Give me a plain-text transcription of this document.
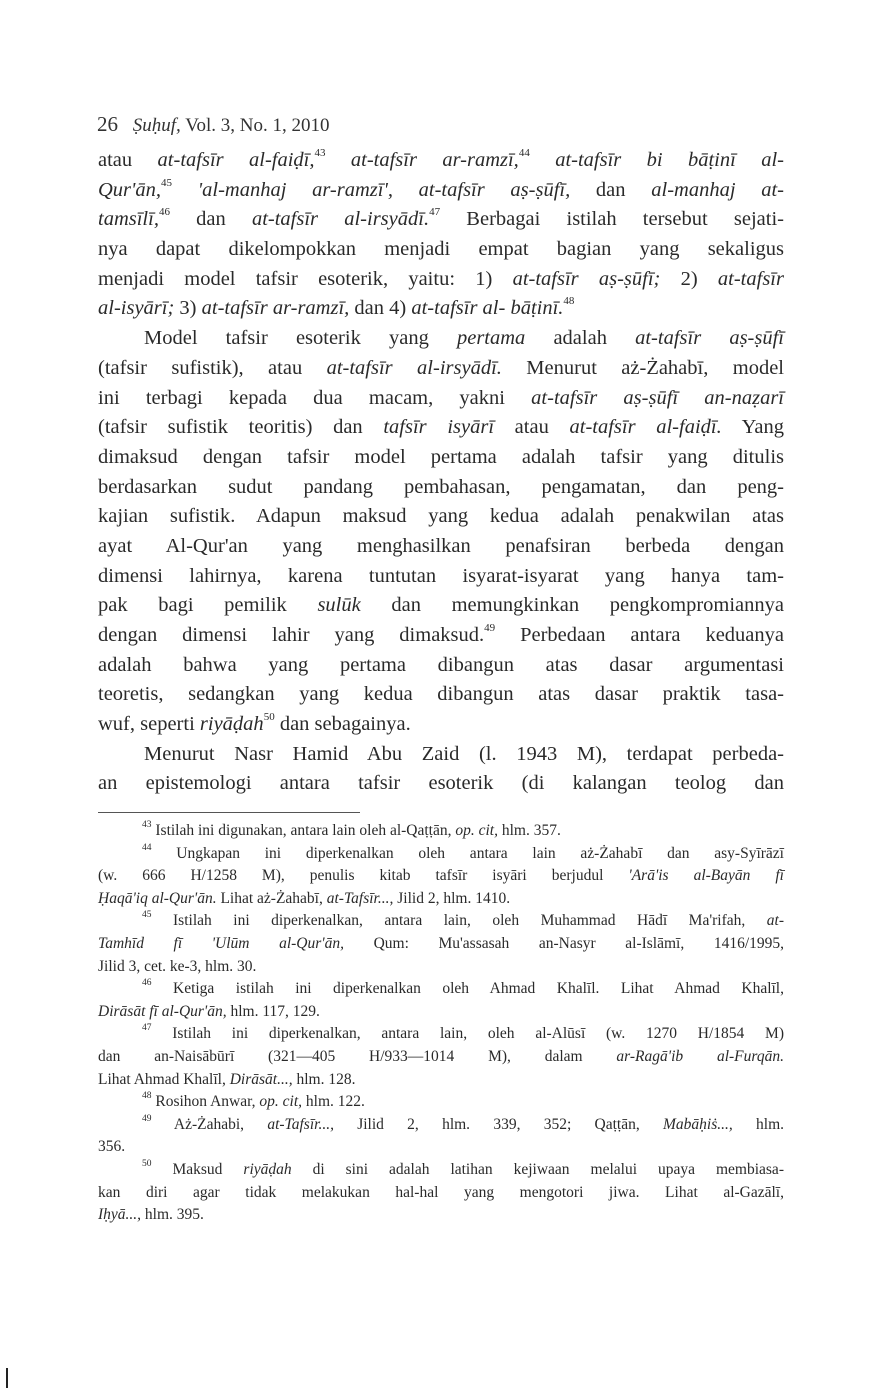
26 Ṣuḥuf, Vol. 3, No. 1, 2010
atau at-tafsīr al-faiḍī,$^{43}$ at-tafsīr ar-ramzī,$^{44}$ at-tafsīr bi bāṭinī al-
Qur'ān,$^{45}$ 'al-manhaj ar-ramzī', at-tafsīr aṣ-ṣūfī, dan al-manhaj at-
tamsīlī,$^{46}$ dan at-tafsīr al-irsyādī.$^{47}$ Berbagai istilah tersebut sejati-
nya dapat dikelompokkan menjadi empat bagian yang sekaligus
menjadi model tafsir esoterik, yaitu: 1) at-tafsīr aṣ-ṣūfī; 2) at-tafsīr
al-isyārī; 3) at-tafsīr ar-ramzī, dan 4) at-tafsīr al- bāṭinī.$^{48}$
Model tafsir esoterik yang pertama adalah at-tafsīr aṣ-ṣūfī
(tafsir sufistik), atau at-tafsīr al-irsyādī. Menurut aż-Żahabī, model
ini terbagi kepada dua macam, yakni at-tafsīr aṣ-ṣūfī an-naẓarī
(tafsir sufistik teoritis) dan tafsīr isyārī atau at-tafsīr al-faiḍī. Yang
dimaksud dengan tafsir model pertama adalah tafsir yang ditulis
berdasarkan sudut pandang pembahasan, pengamatan, dan peng-
kajian sufistik. Adapun maksud yang kedua adalah penakwilan atas
ayat Al-Qur'an yang menghasilkan penafsiran berbeda dengan
dimensi lahirnya, karena tuntutan isyarat-isyarat yang hanya tam-
pak bagi pemilik sulūk dan memungkinkan pengkompromiannya
dengan dimensi lahir yang dimaksud.$^{49}$ Perbedaan antara keduanya
adalah bahwa yang pertama dibangun atas dasar argumentasi
teoretis, sedangkan yang kedua dibangun atas dasar praktik tasa-
wuf, seperti riyāḍah$^{50}$ dan sebagainya.
Menurut Nasr Hamid Abu Zaid (l. 1943 M), terdapat perbeda-
an epistemologi antara tafsir esoterik (di kalangan teolog dan
$^{43}$ Istilah ini digunakan, antara lain oleh al-Qaṭṭān, op. cit, hlm. 357.
$^{44}$ Ungkapan ini diperkenalkan oleh antara lain aż-Żahabī dan asy-Syīrāzī
(w. 666 H/1258 M), penulis kitab tafsīr isyāri berjudul 'Arā'is al-Bayān fī
Ḥaqā'iq al-Qur'ān. Lihat aż-Żahabī, at-Tafsīr..., Jilid 2, hlm. 1410.
$^{45}$ Istilah ini diperkenalkan, antara lain, oleh Muhammad Hādī Ma'rifah, at-
Tamhīd fī 'Ulūm al-Qur'ān, Qum: Mu'assasah an-Nasyr al-Islāmī, 1416/1995,
Jilid 3, cet. ke-3, hlm. 30.
$^{46}$ Ketiga istilah ini diperkenalkan oleh Ahmad Khalīl. Lihat Ahmad Khalīl,
Dirāsāt fī al-Qur'ān, hlm. 117, 129.
$^{47}$ Istilah ini diperkenalkan, antara lain, oleh al-Alūsī (w. 1270 H/1854 M)
dan an-Naisābūrī (321—405 H/933—1014 M), dalam ar-Ragā'ib al-Furqān.
Lihat Ahmad Khalīl, Dirāsāt..., hlm. 128.
$^{48}$ Rosihon Anwar, op. cit, hlm. 122.
$^{49}$ Aż-Żahabi, at-Tafsīr..., Jilid 2, hlm. 339, 352; Qaṭṭān, Mabāḥiṡ..., hlm.
356.
$^{50}$ Maksud riyāḍah di sini adalah latihan kejiwaan melalui upaya membiasa-
kan diri agar tidak melakukan hal-hal yang mengotori jiwa. Lihat al-Gazālī,
Iḥyā..., hlm. 395.
